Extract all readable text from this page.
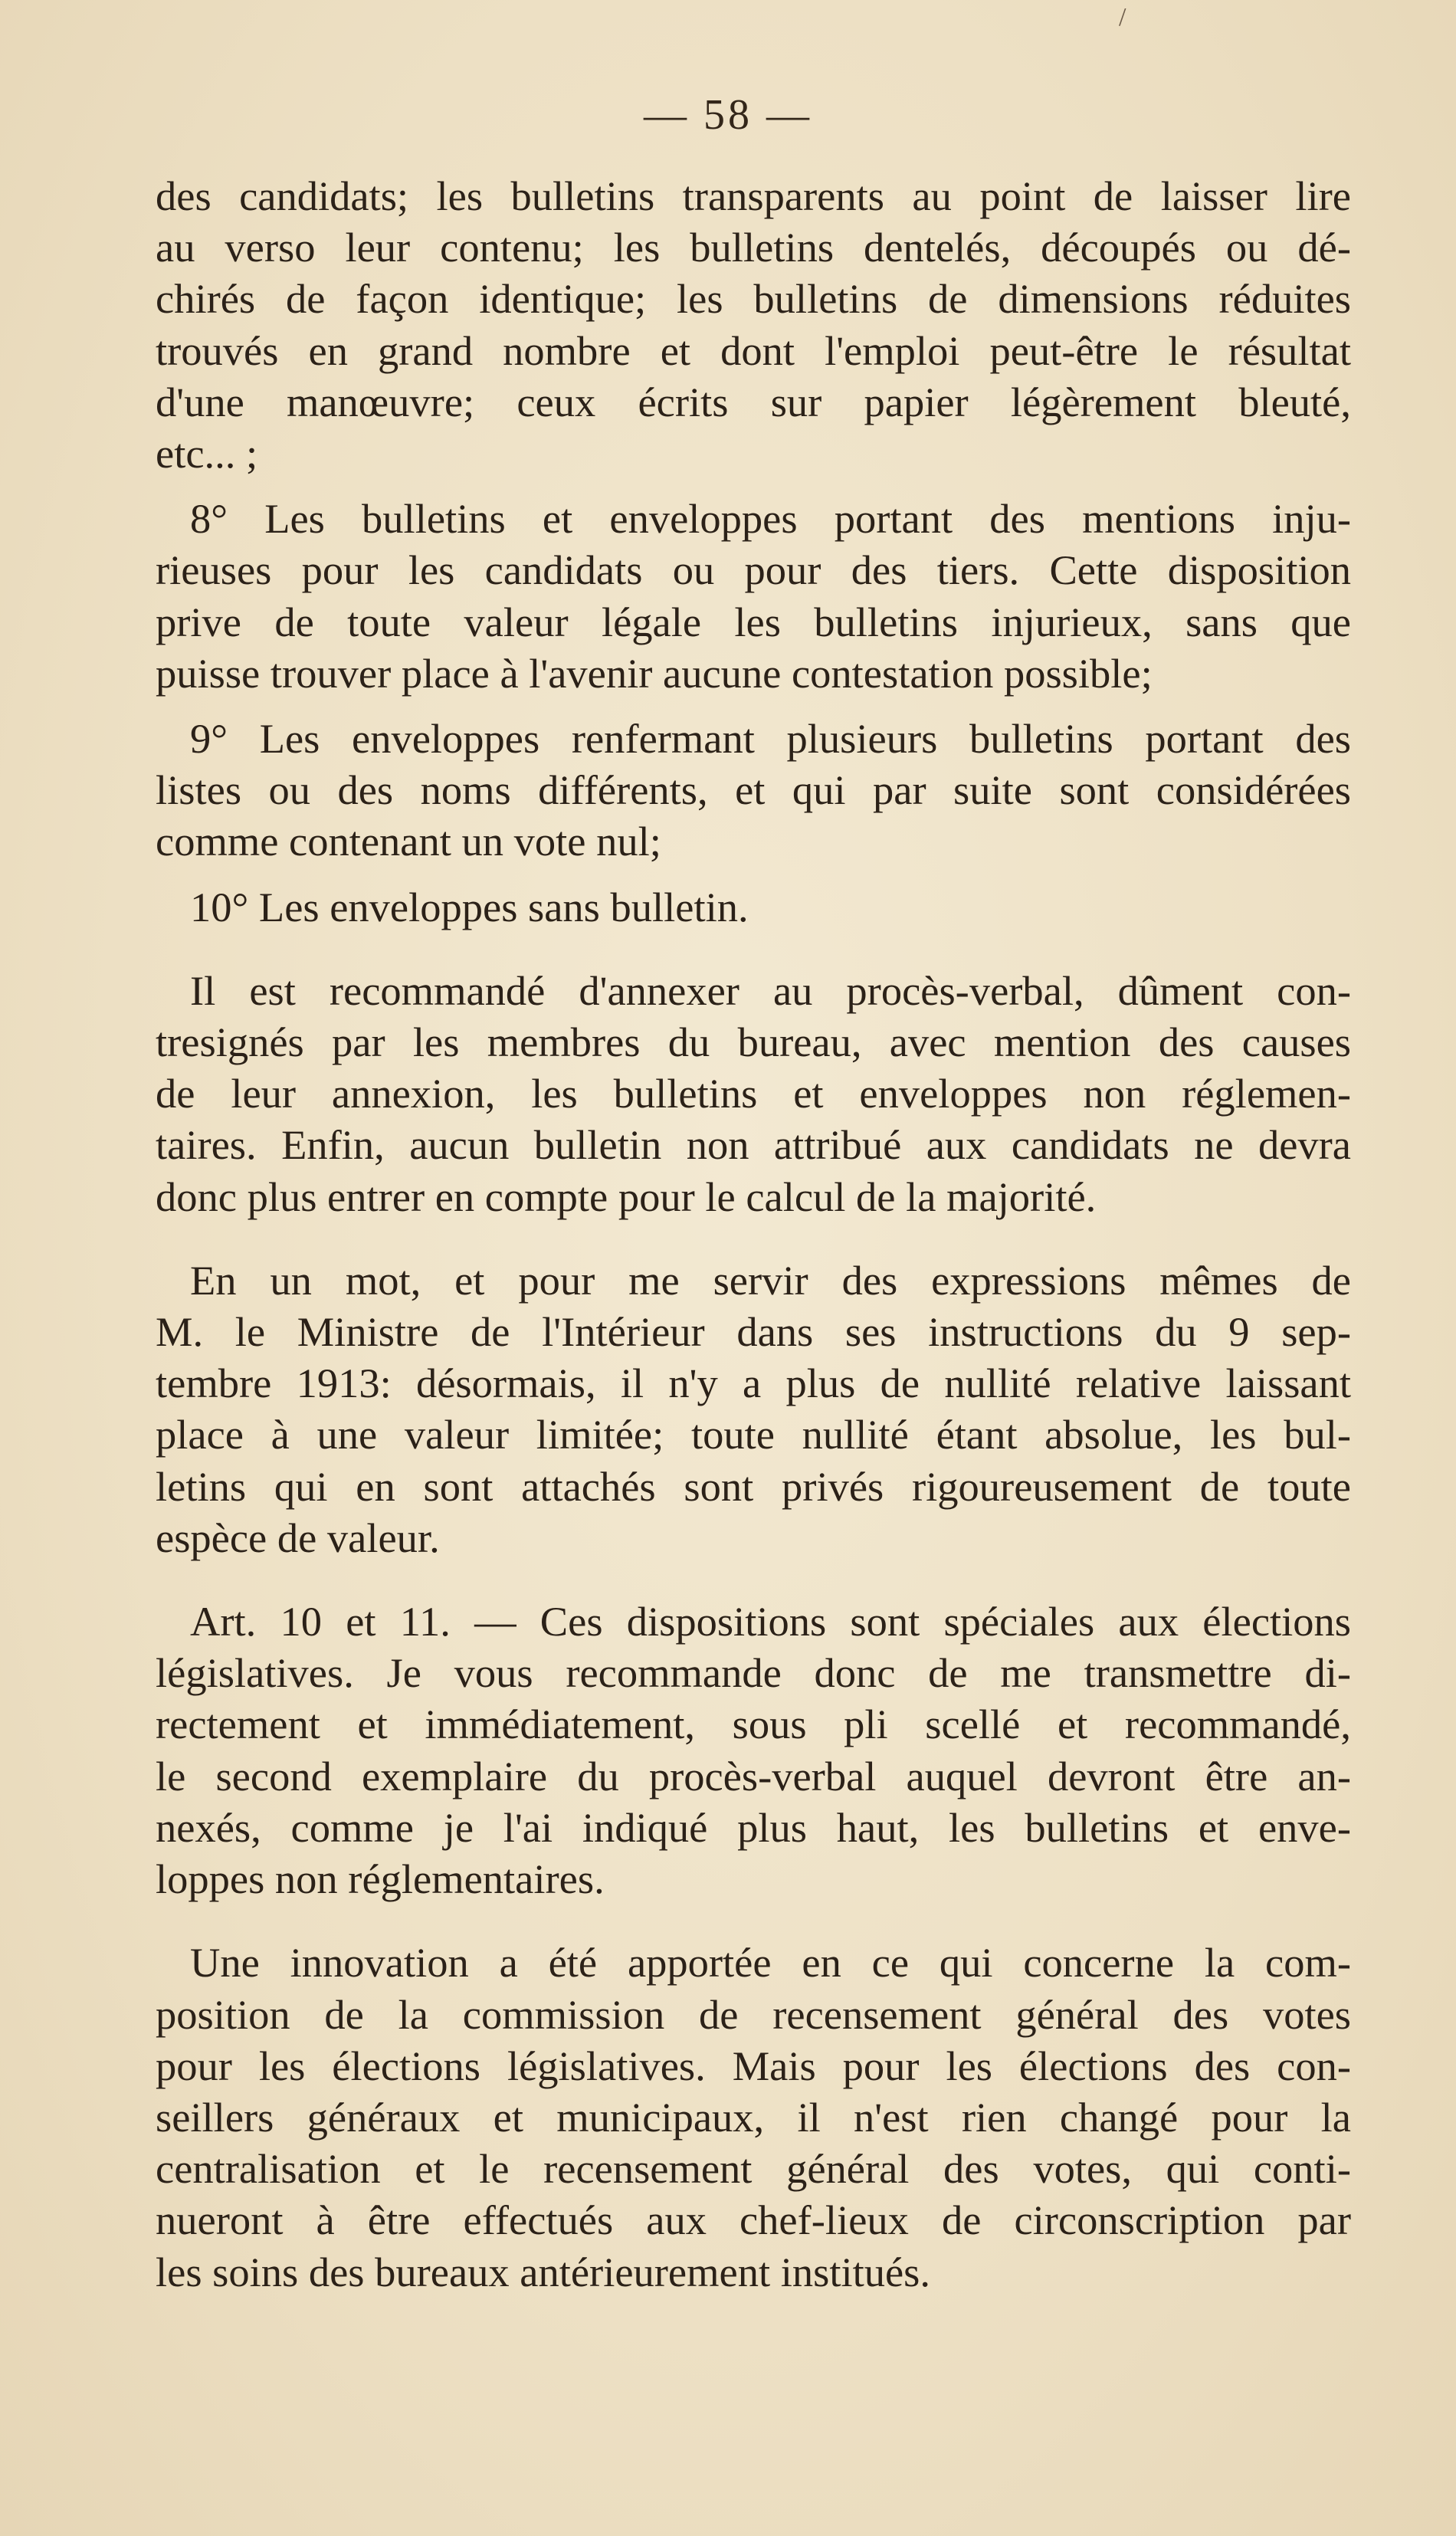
/
— 58 —

des candidats; les bulletins transparents au point de laisser lire

au verso leur contenu; les bulletins dentelés, découpés ou dé-

chirés de façon identique; les bulletins de dimensions réduites

trouvés en grand nombre et dont l'emploi peut-être le résultat

d'une manœuvre; ceux écrits sur papier légèrement bleuté,

etc... ;

8° Les bulletins et enveloppes portant des mentions inju-

rieuses pour les candidats ou pour des tiers. Cette disposition

prive de toute valeur légale les bulletins injurieux, sans que

puisse trouver place à l'avenir aucune contestation possible;

9° Les enveloppes renfermant plusieurs bulletins portant des

listes ou des noms différents, et qui par suite sont considérées

comme contenant un vote nul;

10° Les enveloppes sans bulletin.

Il est recommandé d'annexer au procès-verbal, dûment con-

tresignés par les membres du bureau, avec mention des causes

de leur annexion, les bulletins et enveloppes non réglemen-

taires. Enfin, aucun bulletin non attribué aux candidats ne devra

donc plus entrer en compte pour le calcul de la majorité.

En un mot, et pour me servir des expressions mêmes de

M. le Ministre de l'Intérieur dans ses instructions du 9 sep-

tembre 1913: désormais, il n'y a plus de nullité relative laissant

place à une valeur limitée; toute nullité étant absolue, les bul-

letins qui en sont attachés sont privés rigoureusement de toute

espèce de valeur.

Art. 10 et 11. — Ces dispositions sont spéciales aux élections

législatives. Je vous recommande donc de me transmettre di-

rectement et immédiatement, sous pli scellé et recommandé,

le second exemplaire du procès-verbal auquel devront être an-

nexés, comme je l'ai indiqué plus haut, les bulletins et enve-

loppes non réglementaires.

Une innovation a été apportée en ce qui concerne la com-

position de la commission de recensement général des votes

pour les élections législatives. Mais pour les élections des con-

seillers généraux et municipaux, il n'est rien changé pour la

centralisation et le recensement général des votes, qui conti-

nueront à être effectués aux chef-lieux de circonscription par

les soins des bureaux antérieurement institués.
